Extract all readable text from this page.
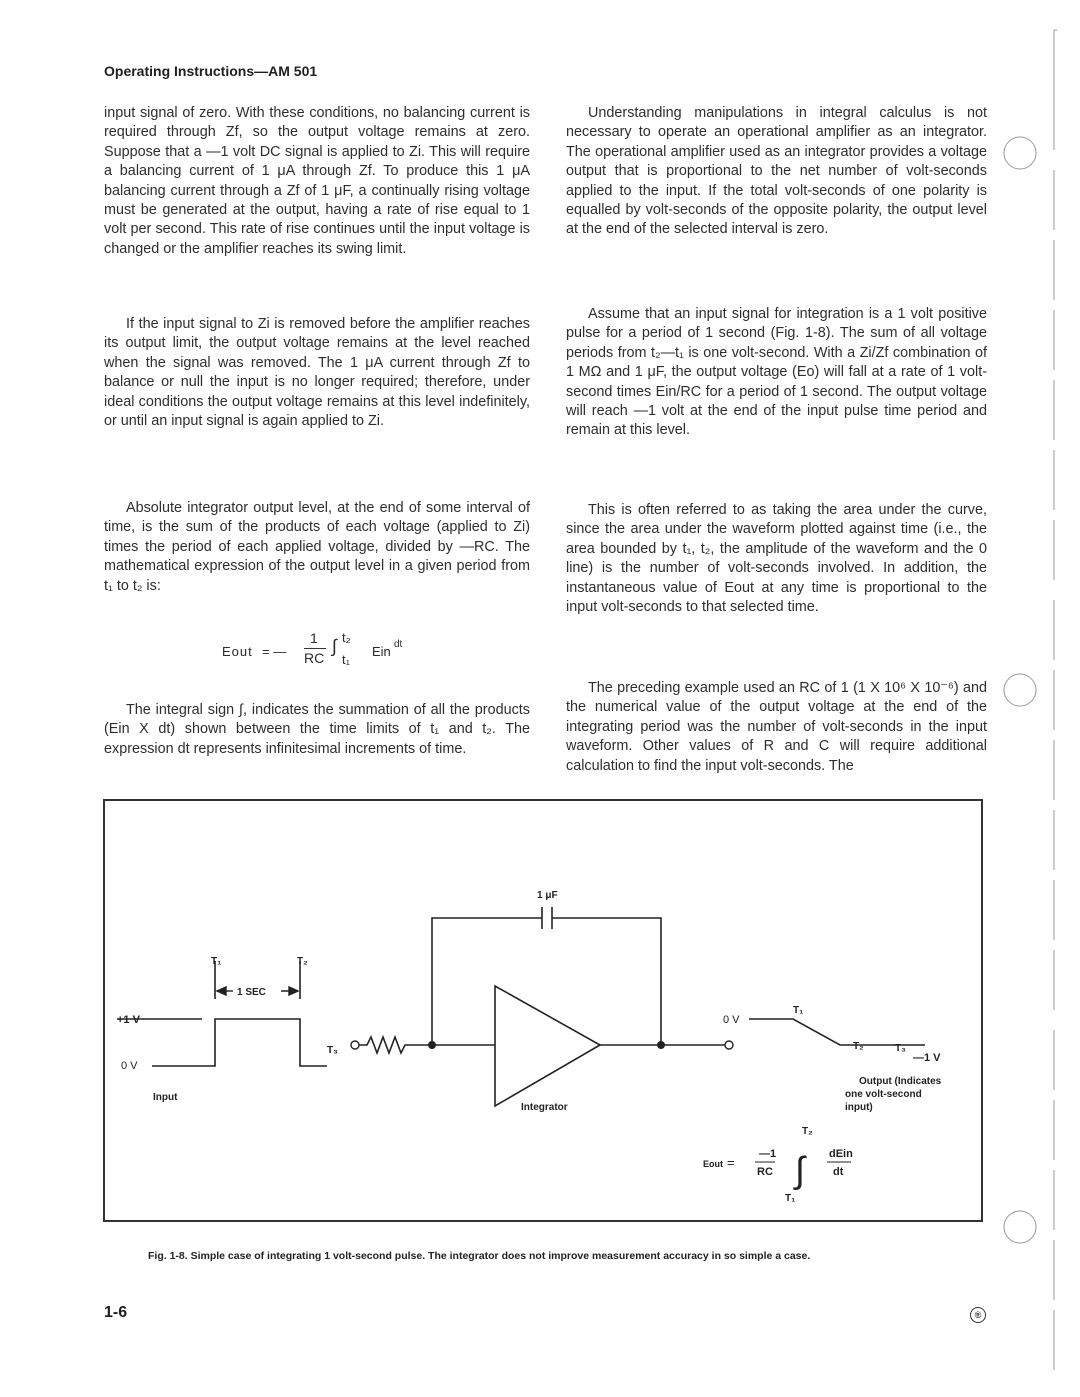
Operating Instructions—AM 501

input signal of zero. With these conditions, no balancing current is required through Zf, so the output voltage remains at zero. Suppose that a —1 volt DC signal is applied to Zi. This will require a balancing current of 1 μA through Zf. To produce this 1 μA balancing current through a Zf of 1 μF, a continually rising voltage must be generated at the output, having a rate of rise equal to 1 volt per second. This rate of rise continues until the input voltage is changed or the amplifier reaches its swing limit.

If the input signal to Zi is removed before the amplifier reaches its output limit, the output voltage remains at the level reached when the signal was removed. The 1 μA current through Zf to balance or null the input is no longer required; therefore, under ideal conditions the output voltage remains at this level indefinitely, or until an input signal is again applied to Zi.

Absolute integrator output level, at the end of some interval of time, is the sum of the products of each voltage (applied to Zi) times the period of each applied voltage, divided by —RC. The mathematical expression of the output level in a given period from t₁ to t₂ is:

Eout = —
1
RC
∫ t₂
t₁
Ein dt

The integral sign ∫, indicates the summation of all the products (Ein X dt) shown between the time limits of t₁ and t₂. The expression dt represents infinitesimal increments of time.

Understanding manipulations in integral calculus is not necessary to operate an operational amplifier as an integrator. The operational amplifier used as an integrator provides a voltage output that is proportional to the net number of volt-seconds applied to the input. If the total volt-seconds of one polarity is equalled by volt-seconds of the opposite polarity, the output level at the end of the selected interval is zero.

Assume that an input signal for integration is a 1 volt positive pulse for a period of 1 second (Fig. 1-8). The sum of all voltage periods from t₂—t₁ is one volt-second. With a Zi/Zf combination of 1 MΩ and 1 μF, the output voltage (Eo) will fall at a rate of 1 volt-second times Ein/RC for a period of 1 second. The output voltage will reach —1 volt at the end of the input pulse time period and remain at this level.

This is often referred to as taking the area under the curve, since the area under the waveform plotted against time (i.e., the area bounded by t₁, t₂, the amplitude of the waveform and the 0 line) is the number of volt-seconds involved. In addition, the instantaneous value of Eout at any time is proportional to the input volt-seconds to that selected time.

The preceding example used an RC of 1 (1 X 10⁶ X 10⁻⁶) and the numerical value of the output voltage at the end of the integrating period was the number of volt-seconds in the input waveform. Other values of R and C will require additional calculation to find the input volt-seconds. The

1 μF
T₁	T₂
1 SEC
+1 V
0 V
Input
T₃
Integrator
0 V
T₁
T₂	T₃
—1 V
Output (Indicates
one volt-second
input)
Eout =
—1
RC ∫
T₂
T₁
dEin
dt
Fig. 1-8. Simple case of integrating 1 volt-second pulse. The integrator does not improve measurement accuracy in so simple a case.
1-6	®
